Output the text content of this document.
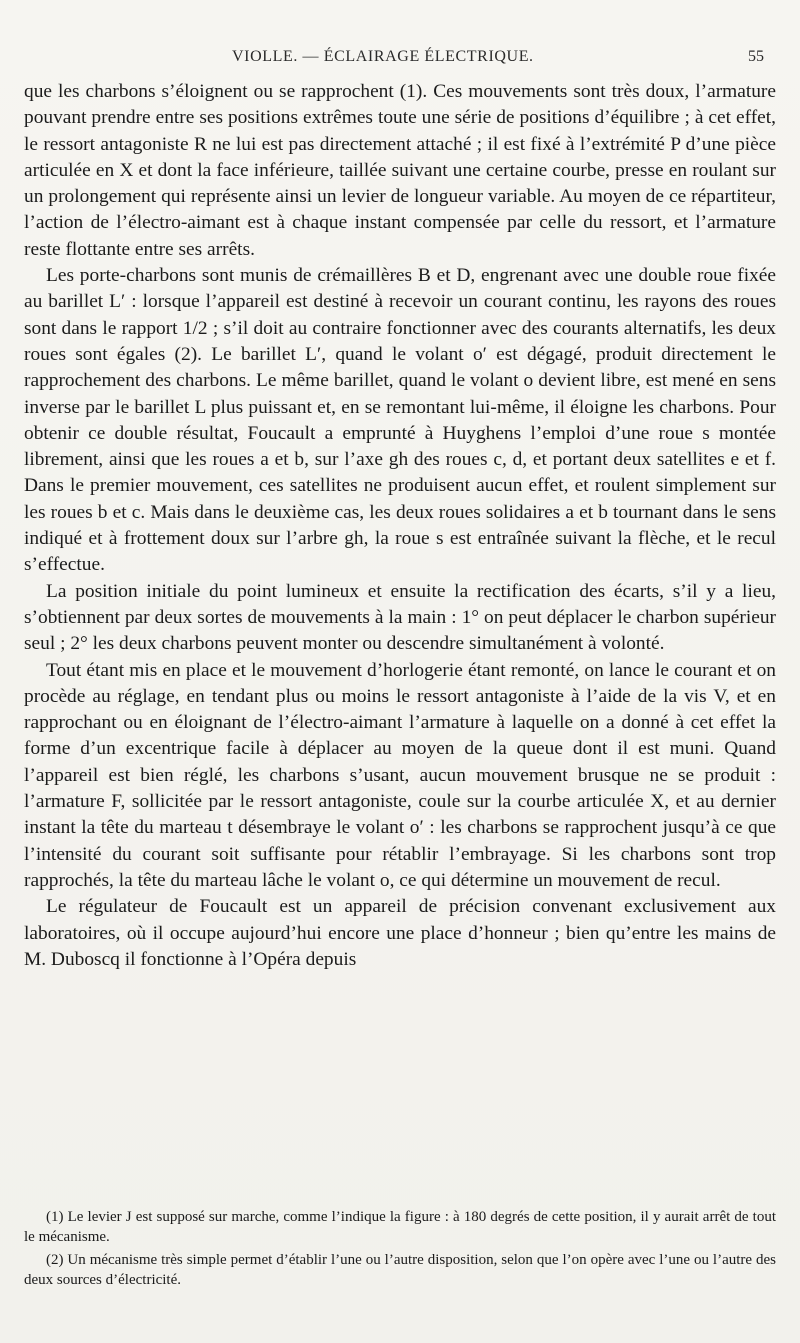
VIOLLE. — ÉCLAIRAGE ÉLECTRIQUE.	55

que les charbons s’éloignent ou se rapprochent (1). Ces mouvements sont très doux, l’armature pouvant prendre entre ses positions extrêmes toute une série de positions d’équilibre ; à cet effet, le ressort antagoniste R ne lui est pas directement attaché ; il est fixé à l’extrémité P d’une pièce articulée en X et dont la face inférieure, taillée suivant une certaine courbe, presse en roulant sur un prolongement qui représente ainsi un levier de longueur variable. Au moyen de ce répartiteur, l’action de l’électro-aimant est à chaque instant compensée par celle du ressort, et l’armature reste flottante entre ses arrêts.

Les porte-charbons sont munis de crémaillères B et D, engrenant avec une double roue fixée au barillet L′ : lorsque l’appareil est destiné à recevoir un courant continu, les rayons des roues sont dans le rapport 1/2 ; s’il doit au contraire fonctionner avec des courants alternatifs, les deux roues sont égales (2). Le barillet L′, quand le volant o′ est dégagé, produit directement le rapprochement des charbons. Le même barillet, quand le volant o devient libre, est mené en sens inverse par le barillet L plus puissant et, en se remontant lui-même, il éloigne les charbons. Pour obtenir ce double résultat, Foucault a emprunté à Huyghens l’emploi d’une roue s montée librement, ainsi que les roues a et b, sur l’axe gh des roues c, d, et portant deux satellites e et f. Dans le premier mouvement, ces satellites ne produisent aucun effet, et roulent simplement sur les roues b et c. Mais dans le deuxième cas, les deux roues solidaires a et b tournant dans le sens indiqué et à frottement doux sur l’arbre gh, la roue s est entraînée suivant la flèche, et le recul s’effectue.

La position initiale du point lumineux et ensuite la rectification des écarts, s’il y a lieu, s’obtiennent par deux sortes de mouvements à la main : 1° on peut déplacer le charbon supérieur seul ; 2° les deux charbons peuvent monter ou descendre simultanément à volonté.

Tout étant mis en place et le mouvement d’horlogerie étant remonté, on lance le courant et on procède au réglage, en tendant plus ou moins le ressort antagoniste à l’aide de la vis V, et en rapprochant ou en éloignant de l’électro-aimant l’armature à laquelle on a donné à cet effet la forme d’un excentrique facile à déplacer au moyen de la queue dont il est muni. Quand l’appareil est bien réglé, les charbons s’usant, aucun mouvement brusque ne se produit : l’armature F, sollicitée par le ressort antagoniste, coule sur la courbe articulée X, et au dernier instant la tête du marteau t désembraye le volant o′ : les charbons se rapprochent jusqu’à ce que l’intensité du courant soit suffisante pour rétablir l’embrayage. Si les charbons sont trop rapprochés, la tête du marteau lâche le volant o, ce qui détermine un mouvement de recul.

Le régulateur de Foucault est un appareil de précision convenant exclusivement aux laboratoires, où il occupe aujourd’hui encore une place d’honneur ; bien qu’entre les mains de M. Duboscq il fonctionne à l’Opéra depuis

(1) Le levier J est supposé sur marche, comme l’indique la figure : à 180 degrés de cette position, il y aurait arrêt de tout le mécanisme.

(2) Un mécanisme très simple permet d’établir l’une ou l’autre disposition, selon que l’on opère avec l’une ou l’autre des deux sources d’électricité.
